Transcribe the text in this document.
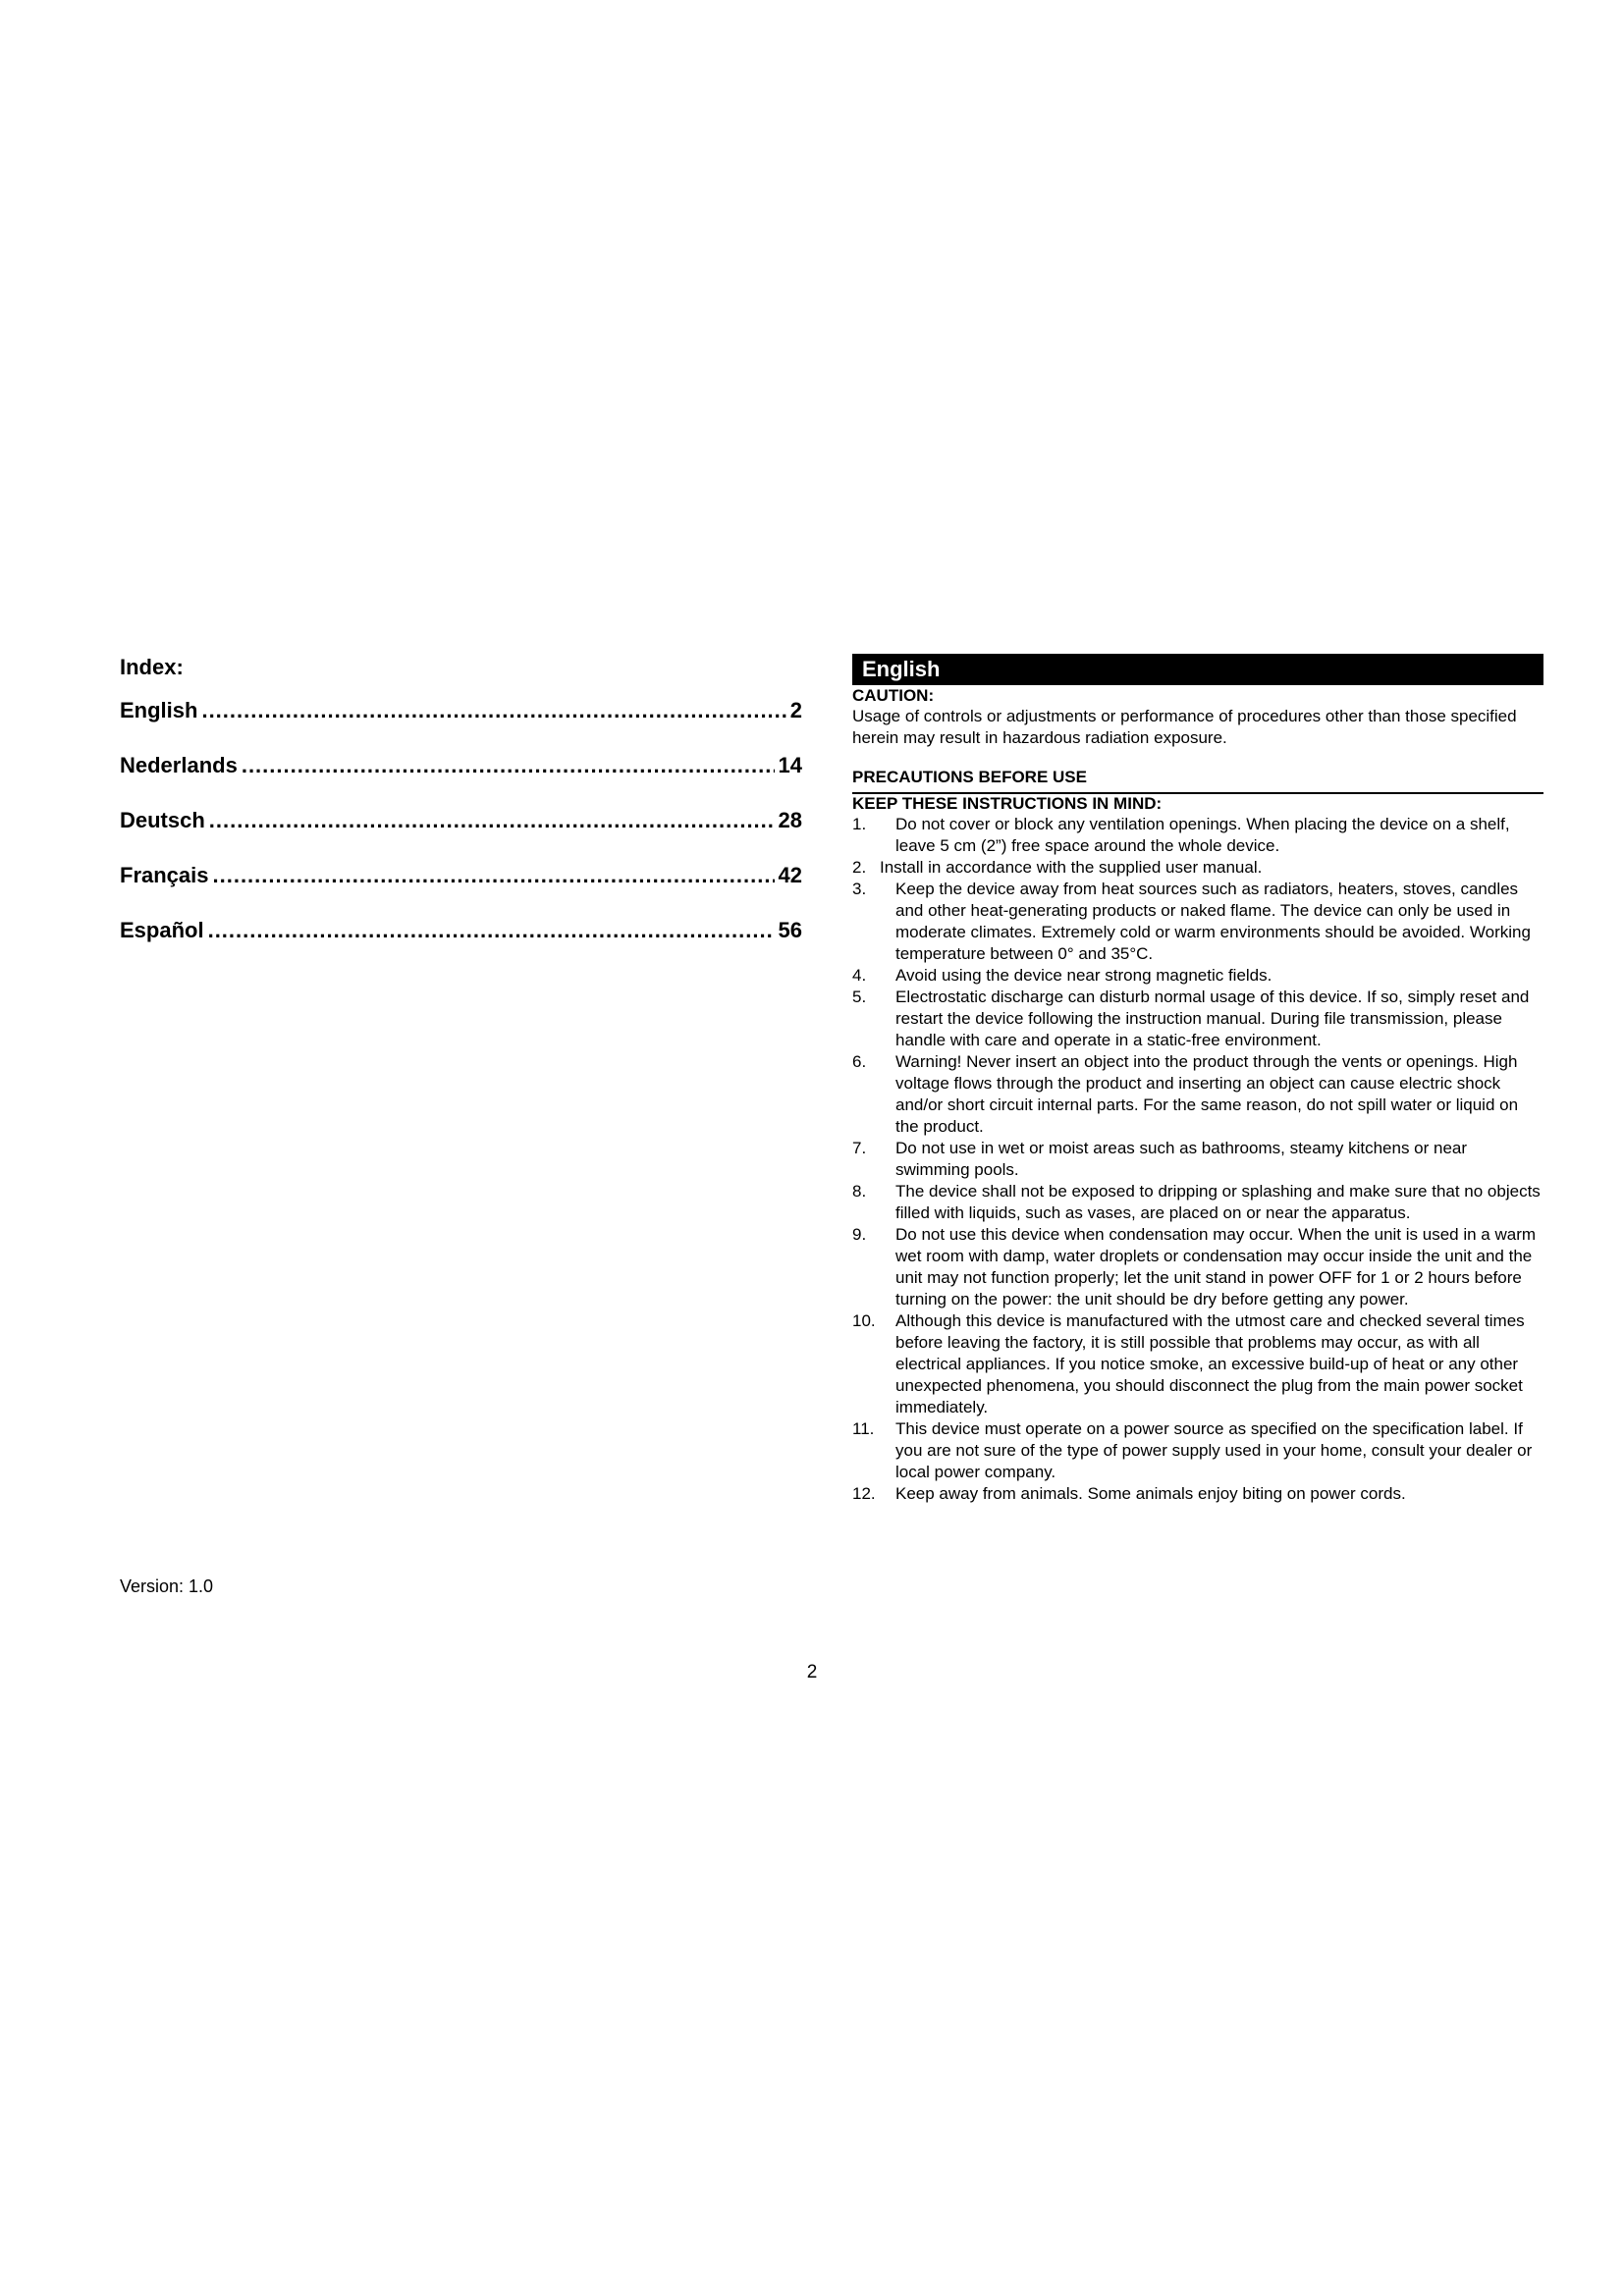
Index:
English .....	2
Nederlands .....	14
Deutsch .....	28
Français .....	42
Español .....	56
Version: 1.0
English
CAUTION:
Usage of controls or adjustments or performance of procedures other than those specified herein may result in hazardous radiation exposure.
PRECAUTIONS BEFORE USE
KEEP THESE INSTRUCTIONS IN MIND:
1.	Do not cover or block any ventilation openings. When placing the device on a shelf, leave 5 cm (2”) free space around the whole device.
2. Install in accordance with the supplied user manual.
3.	Keep the device away from heat sources such as radiators, heaters, stoves, candles and other heat-generating products or naked flame. The device can only be used in moderate climates. Extremely cold or warm environments should be avoided. Working temperature between 0° and 35°C.
4.	Avoid using the device near strong magnetic fields.
5.	Electrostatic discharge can disturb normal usage of this device. If so, simply reset and restart the device following the instruction manual. During file transmission, please handle with care and operate in a static-free environment.
6.	Warning! Never insert an object into the product through the vents or openings. High voltage flows through the product and inserting an object can cause electric shock and/or short circuit internal parts. For the same reason, do not spill water or liquid on the product.
7.	Do not use in wet or moist areas such as bathrooms, steamy kitchens or near swimming pools.
8.	The device shall not be exposed to dripping or splashing and make sure that no objects filled with liquids, such as vases, are placed on or near the apparatus.
9.	Do not use this device when condensation may occur. When the unit is used in a warm wet room with damp, water droplets or condensation may occur inside the unit and the unit may not function properly; let the unit stand in power OFF for 1 or 2 hours before turning on the power: the unit should be dry before getting any power.
10.	Although this device is manufactured with the utmost care and checked several times before leaving the factory, it is still possible that problems may occur, as with all electrical appliances. If you notice smoke, an excessive build-up of heat or any other unexpected phenomena, you should disconnect the plug from the main power socket immediately.
11.	This device must operate on a power source as specified on the specification label. If you are not sure of the type of power supply used in your home, consult your dealer or local power company.
12.	Keep away from animals. Some animals enjoy biting on power cords.
2
